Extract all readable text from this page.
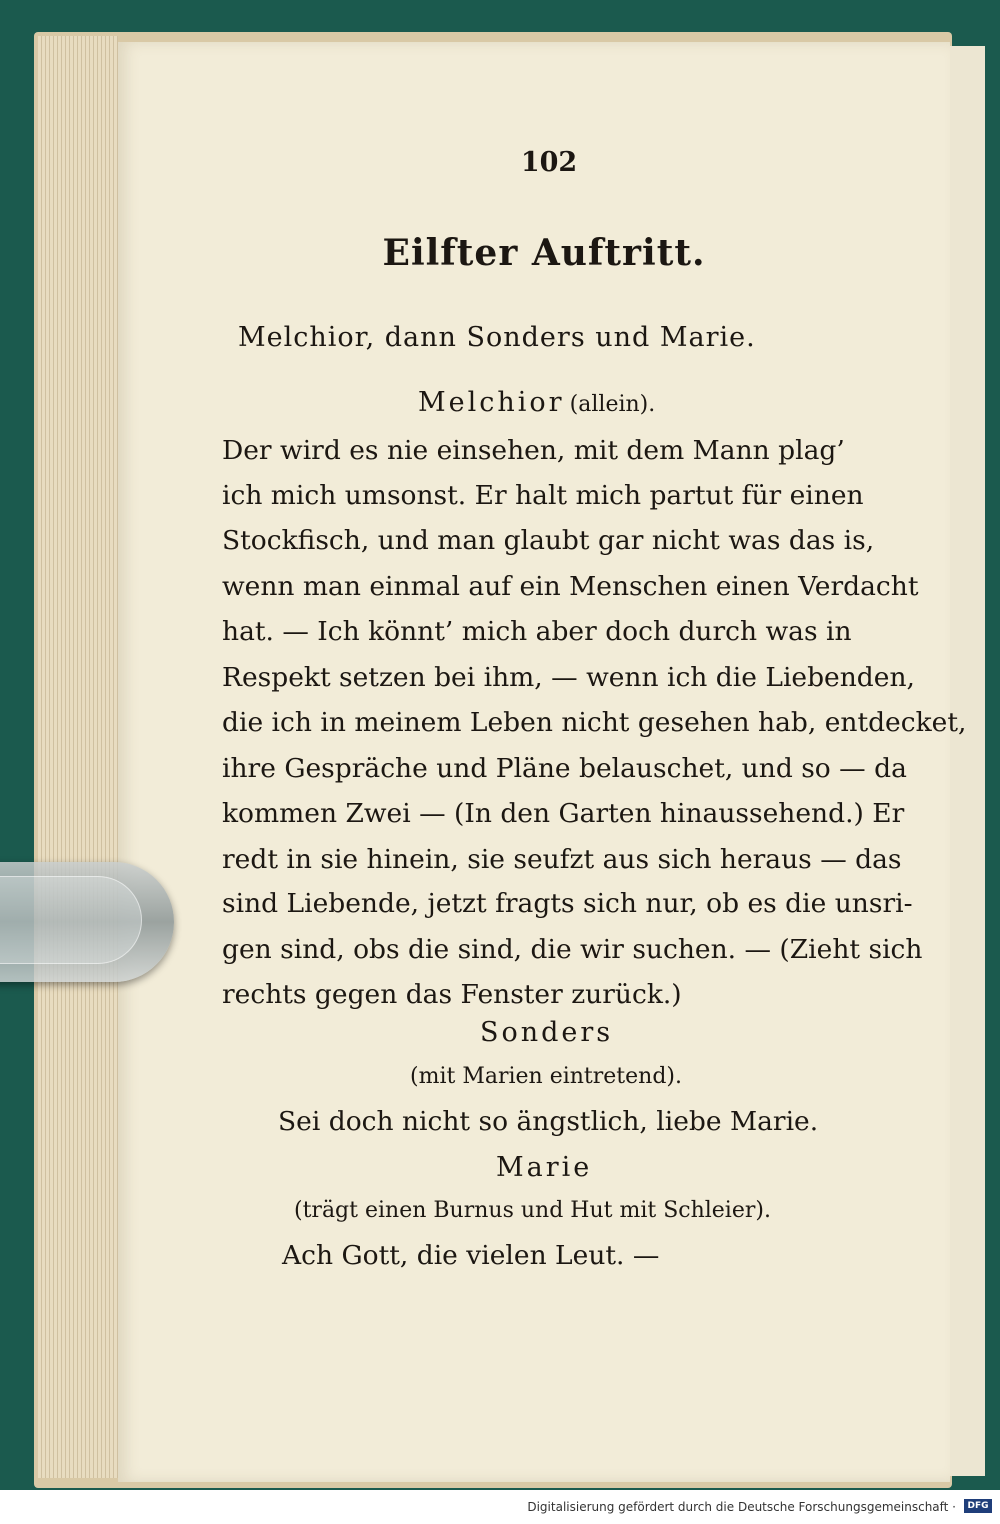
102
Eilfter Auftritt.
Melchior, dann Sonders und Marie.
Melchior (allein).
Der wird es nie einsehen, mit dem Mann plag’
ich mich umsonst. Er halt mich partut für einen
Stockfisch, und man glaubt gar nicht was das is,
wenn man einmal auf ein Menschen einen Verdacht
hat. — Ich könnt’ mich aber doch durch was in
Respekt setzen bei ihm, — wenn ich die Liebenden,
die ich in meinem Leben nicht gesehen hab, entdecket,
ihre Gespräche und Pläne belauschet, und so — da
kommen Zwei — (In den Garten hinaussehend.) Er
redt in sie hinein, sie seufzt aus sich heraus — das
sind Liebende, jetzt fragts sich nur, ob es die unsri-
gen sind, obs die sind, die wir suchen. — (Zieht sich
rechts gegen das Fenster zurück.)
Sonders
(mit Marien eintretend).
Sei doch nicht so ängstlich, liebe Marie.
Marie
(trägt einen Burnus und Hut mit Schleier).
Ach Gott, die vielen Leut. —
Digitalisierung gefördert durch die Deutsche Forschungsgemeinschaft ·	DFG
